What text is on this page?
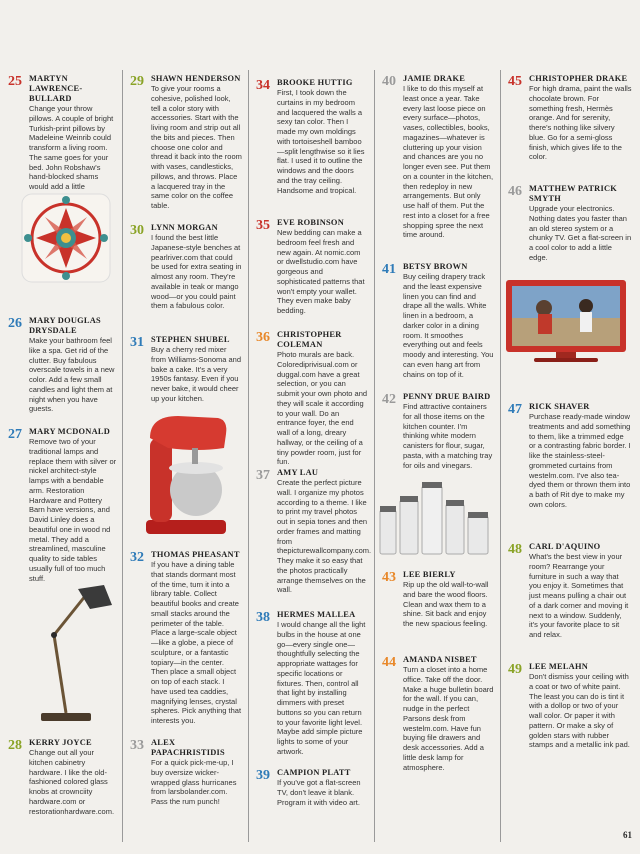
25 MARTYN LAWRENCE-BULLARD
Change your throw pillows. A couple of bright Turkish-print pillows by Madeleine Weinrib could transform a living room. The same goes for your bed. John Robshaw's hand-blocked shams would add a little
26 MARY DOUGLAS DRYSDALE
Make your bathroom feel like a spa. Get rid of the clutter. Buy fabulous overscale towels in a new color. Add a few small candles and light them at night when you have guests.
27 MARY MCDONALD
Remove two of your traditional lamps and replace them with silver or nickel architect-style lamps with a bendable arm. Restoration Hardware and Pottery Barn have versions, and David Linley does a beautiful one in wood nd metal. They add a streamlined, masculine quality to side tables usually full of too much stuff.
28 KERRY JOYCE
Change out all your kitchen cabinetry hardware. I like the old-fashioned colored glass knobs at crownciity hardware.com or restorationhardware.com.
29 SHAWN HENDERSON
To give your rooms a cohesive, polished look, tell a color story with accessories. Start with the living room and strip out all the bits and pieces. Then choose one color and thread it back into the room with vases, candlesticks, pillows, and throws. Place a lacquered tray in the same color on the coffee table.
30 LYNN MORGAN
I found the best little Japanese-style benches at pearlriver.com that could be used for extra seating in almost any room. They're available in teak or mango wood—or you could paint them a fabulous color.
31 STEPHEN SHUBEL
Buy a cherry red mixer from Williams-Sonoma and bake a cake. It's a very 1950s fantasy. Even if you never bake, it would cheer up your kitchen.
32 THOMAS PHEASANT
If you have a dining table that stands dormant most of the time, turn it into a library table. Collect beautiful books and create small stacks around the perimeter of the table. Place a large-scale object—like a globe, a piece of sculpture, or a fantastic topiary—in the center. Then place a small object on top of each stack. I have used tea caddies, magnifying lenses, crystal spheres. Pick anything that interests you.
33 ALEX PAPACHRISTIDIS
For a quick pick-me-up, I buy oversize wicker-wrapped glass hurricanes from larsbolander.com. Pass the rum punch!
34 BROOKE HUTTIG
First, I took down the curtains in my bedroom and lacquered the walls a sexy tan color. Then I made my own moldings with tortoiseshell bamboo—split lengthwise so it lies flat. I used it to outline the windows and the doors and the tray ceiling. Handsome and tropical.
35 EVE ROBINSON
New bedding can make a bedroom feel fresh and new again. At nomic.com or dwellstudio.com have gorgeous and sophisticated patterns that won't empty your wallet. They even make baby bedding.
36 CHRISTOPHER COLEMAN
Photo murals are back. Colorediprivisual.com or duggal.com have a great selection, or you can submit your own photo and they will scale it according to your wall. Do an entrance foyer, the end wall of a long, dreary hallway, or the ceiling of a tiny powder room, just for fun.
37 AMY LAU
Create the perfect picture wall. I organize my photos according to a theme. I like to print my travel photos out in sepia tones and then order frames and matting from thepicturewallcompany.com. They make it so easy that the photos practically arrange themselves on the wall.
38 HERMES MALLEA
I would change all the light bulbs in the house at one go—every single one—thoughtfully selecting the appropriate wattages for specific locations or fixtures. Then, control all that light by installing dimmers with preset buttons so you can return to your favorite light level. Maybe add simple picture lights to some of your artwork.
39 CAMPION PLATT
If you've got a flat-screen TV, don't leave it blank. Program it with video art.
40 JAMIE DRAKE
I like to do this myself at least once a year. Take every last loose piece on every surface—photos, vases, collectibles, books, magazines—whatever is cluttering up your vision and chances are you no longer even see. Put them on a counter in the kitchen, then redeploy in new arrangements. But only use half of them. Put the rest into a closet for a free shopping spree the next time around.
41 BETSY BROWN
Buy ceiling drapery track and the least expensive linen you can find and drape all the walls. White linen in a bedroom, a darker color in a dining room. It smoothes everything out and feels moody and interesting. You can even hang art from chains on top of it.
42 PENNY DRUE BAIRD
Find attractive containers for all those items on the kitchen counter. I'm thinking white modern canisters for flour, sugar, pasta, with a matching tray for oils and vinegars.
43 LEE BIERLY
Rip up the old wall-to-wall and bare the wood floors. Clean and wax them to a shine. Sit back and enjoy the new spacious feeling.
44 AMANDA NISBET
Turn a closet into a home office. Take off the door. Make a huge bulletin board for the wall. If you can, nudge in the perfect Parsons desk from westelm.com. Have fun buying file drawers and desk accessories. Add a little desk lamp for atmosphere.
45 CHRISTOPHER DRAKE
For high drama, paint the walls chocolate brown. For something fresh, Hermès orange. And for serenity, there's nothing like silvery blue. Go for a semi-gloss finish, which gives life to the color.
46 MATTHEW PATRICK SMYTH
Upgrade your electronics. Nothing dates you faster than an old stereo system or a chunky TV. Get a flat-screen in a cool color to add a little edge.
47 RICK SHAVER
Purchase ready-made window treatments and add something to them, like a trimmed edge or a contrasting fabric border. I like the stainless-steel-grommeted curtains from westelm.com. I've also tea-dyed them or thrown them into a bath of Rit dye to make my own colors.
48 CARL D'AQUINO
What's the best view in your room? Rearrange your furniture in such a way that you enjoy it. Sometimes that just means pulling a chair out of a dark corner and moving it next to a window. Suddenly, it's your favorite place to sit and relax.
49 LEE MELAHN
Don't dismiss your ceiling with a coat or two of white paint. The least you can do is tint it with a dollop or two of your wall color. Or paper it with pattern. Or make a sky of golden stars with rubber stamps and a metallic ink pad.
61
